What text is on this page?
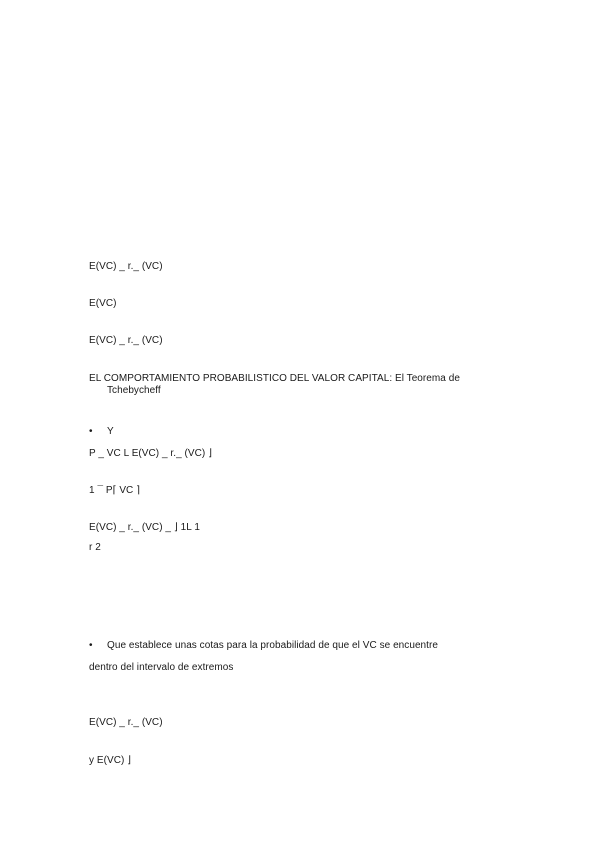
E(VC) _ r._ (VC)
E(VC)
E(VC) _ r._ (VC)
EL COMPORTAMIENTO PROBABILISTICO DEL VALOR CAPITAL: El Teorema de
Tchebycheff
• Y
P _ VC L E(VC) _ r._ (VC) ⌋
1 ¯ P⌈ VC ⌉
E(VC) _ r._ (VC) _ ⌋ 1L 1
r 2
• Que establece unas cotas para la probabilidad de que el VC se encuentre
dentro del intervalo de extremos
E(VC) _ r._ (VC)
y E(VC) ⌋
